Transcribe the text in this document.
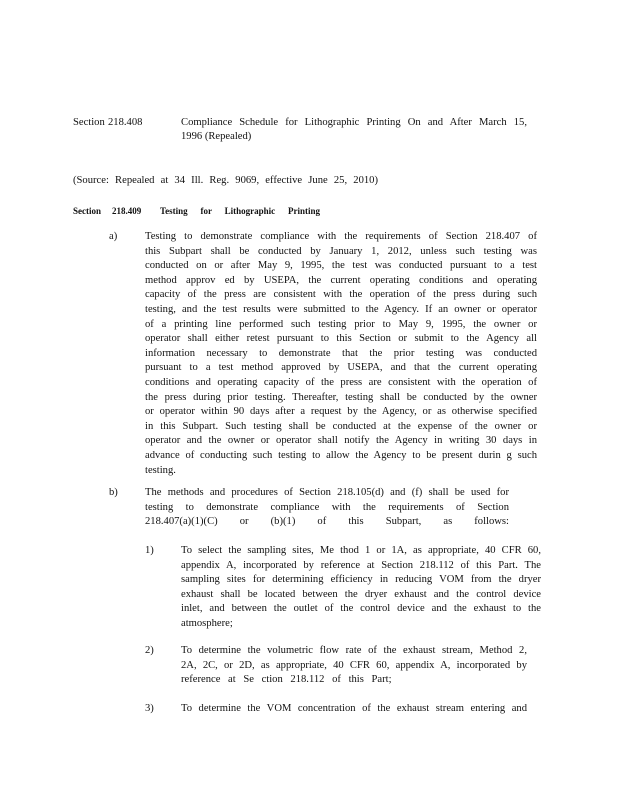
Section 218.408	Compliance Schedule for Lithographic Printing On and After March 15,
1996 (Repealed)
(Source: Repealed at 34 Ill. Reg. 9069, effective June 25, 2010)
Section 218.409 Testing for Lithographic Printing
a)	Testing to demonstrate compliance with the requirements of Section 218.407 of

this Subpart shall be conducted by January 1, 2012, unless such testing was

conducted on or after May 9, 1995, the test was conducted pursuant to a test

method approv ed by USEPA, the current operating conditions and operating

capacity of the press are consistent with the operation of the press during such

testing, and the test results were submitted to the Agency. If an owner or operator

of a printing line performed such testing prior to May 9, 1995, the owner or

operator shall either retest pursuant to this Section or submit to the Agency all

information necessary to demonstrate that the prior testing was conducted

pursuant to a test method approved by USEPA, and that the current operating

conditions and operating capacity of the press are consistent with the operation of

the press during prior testing. Thereafter, testing shall be conducted by the owner

or operator within 90 days after a request by the Agency, or as otherwise specified

in this Subpart. Such testing shall be conducted at the expense of the owner or

operator and the owner or operator shall notify the Agency in writing 30 days in

advance of conducting such testing to allow the Agency to be present durin g such

testing.

b)	The methods and procedures of Section 218.105(d) and (f) shall be used for

testing to demonstrate compliance with the requirements of Section

218.407(a)(1)(C) or (b)(1) of this Subpart, as follows:

1)	To select the sampling sites, Me thod 1 or 1A, as appropriate, 40 CFR 60,

appendix A, incorporated by reference at Section 218.112 of this Part. The

sampling sites for determining efficiency in reducing VOM from the dryer

exhaust shall be located between the dryer exhaust and the control device

inlet, and between the outlet of the control device and the exhaust to the

atmosphere;

2)	To determine the volumetric flow rate of the exhaust stream, Method 2,

2A, 2C, or 2D, as appropriate, 40 CFR 60, appendix A, incorporated by

reference at Se ction 218.112 of this Part;

3)	To determine the VOM concentration of the exhaust stream entering and
